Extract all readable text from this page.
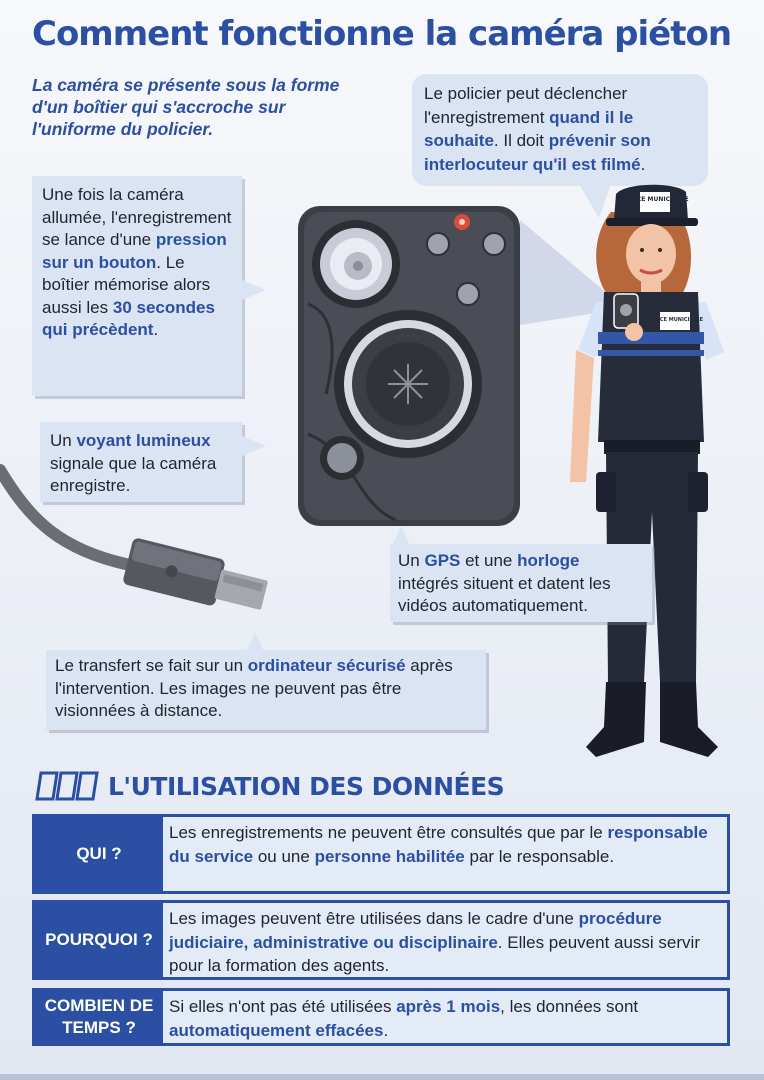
Comment fonctionne la caméra piéton
La caméra se présente sous la forme d'un boîtier qui s'accroche sur l'uniforme du policier.
Le policier peut déclencher l'enregistrement quand il le souhaite. Il doit prévenir son interlocuteur qu'il est filmé.
POLICE MUNICIPALE
POLICE MUNICIPALE
Une fois la caméra allumée, l'enregistrement se lance d'une pression sur un bouton. Le boîtier mémorise alors aussi les 30 secondes qui précèdent.
Un voyant lumineux signale que la caméra enregistre.
Un GPS et une horloge intégrés situent et datent les vidéos automatiquement.
Le transfert se fait sur un ordinateur sécurisé après l'intervention. Les images ne peuvent pas être visionnées à distance.
L'UTILISATION DES DONNÉES
QUI ?
Les enregistrements ne peuvent être consultés que par le responsable du service ou une personne habilitée par le responsable.
POURQUOI ?
Les images peuvent être utilisées dans le cadre d'une procédure judiciaire, administrative ou disciplinaire. Elles peuvent aussi servir pour la formation des agents.
COMBIEN DE TEMPS ?
Si elles n'ont pas été utilisées après 1 mois, les données sont automatiquement effacées.
